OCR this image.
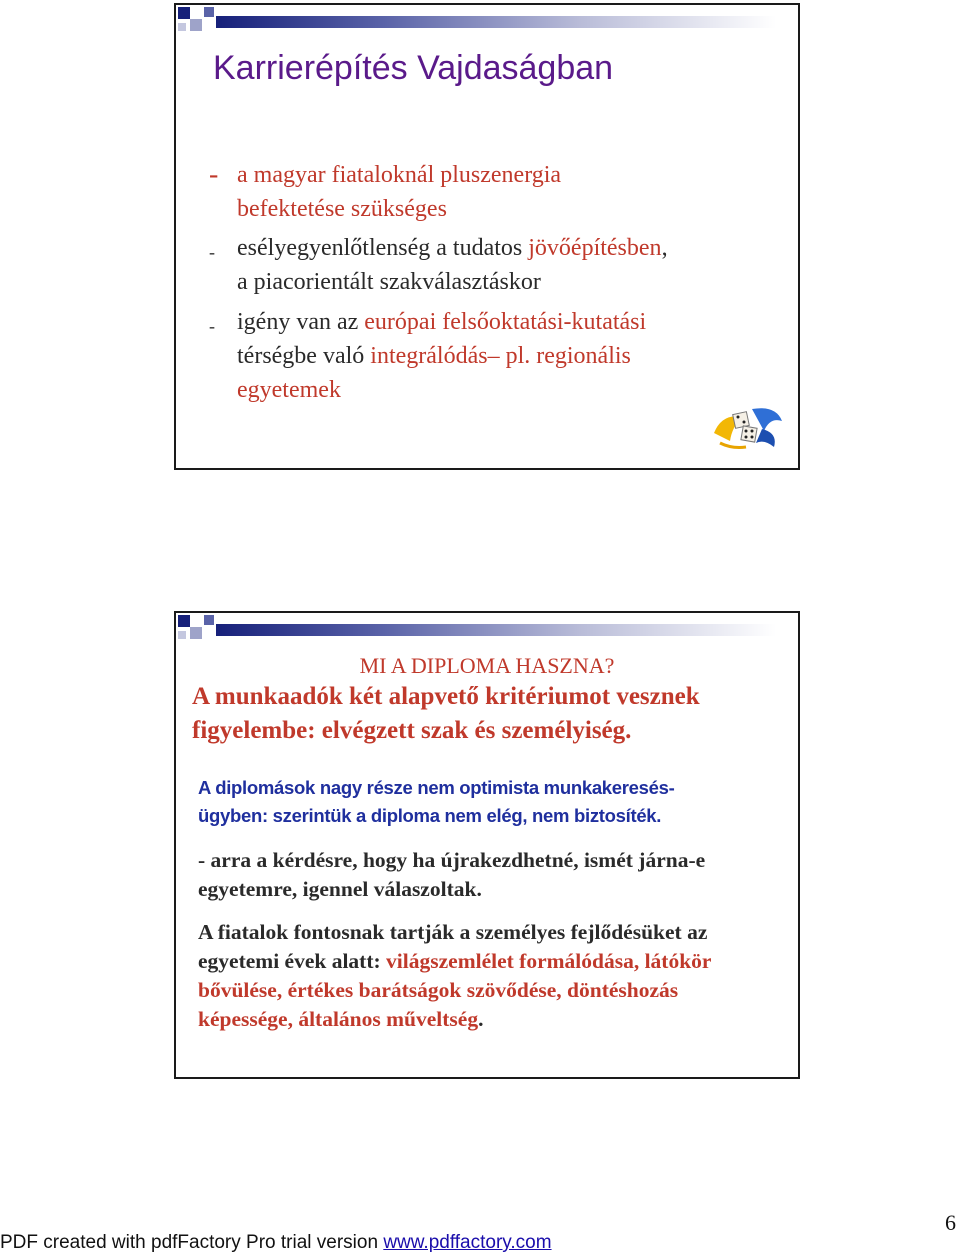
Karrierépítés Vajdaságban
- a magyar fiataloknál pluszenergia
befektetése szükséges
- esélyegyenlőtlenség a tudatos jövőépítésben,
a piacorientált szakválasztáskor
- igény van az európai felsőoktatási-kutatási
térségbe való integrálódás– pl. regionális
egyetemek
MI A DIPLOMA HASZNA?
A munkaadók két alapvető kritériumot vesznek
figyelembe: elvégzett szak és személyiség.
A diplomások nagy része nem optimista munkakeresés-
ügyben: szerintük a diploma nem elég, nem biztosíték.
- arra a kérdésre, hogy ha újrakezdhetné, ismét járna-e
egyetemre, igennel válaszoltak.
A fiatalok fontosnak tartják a személyes fejlődésüket az
egyetemi évek alatt: világszemlélet formálódása, látókör
bővülése, értékes barátságok szövődése, döntéshozás
képessége, általános műveltség.
6
PDF created with pdfFactory Pro trial version www.pdffactory.com
